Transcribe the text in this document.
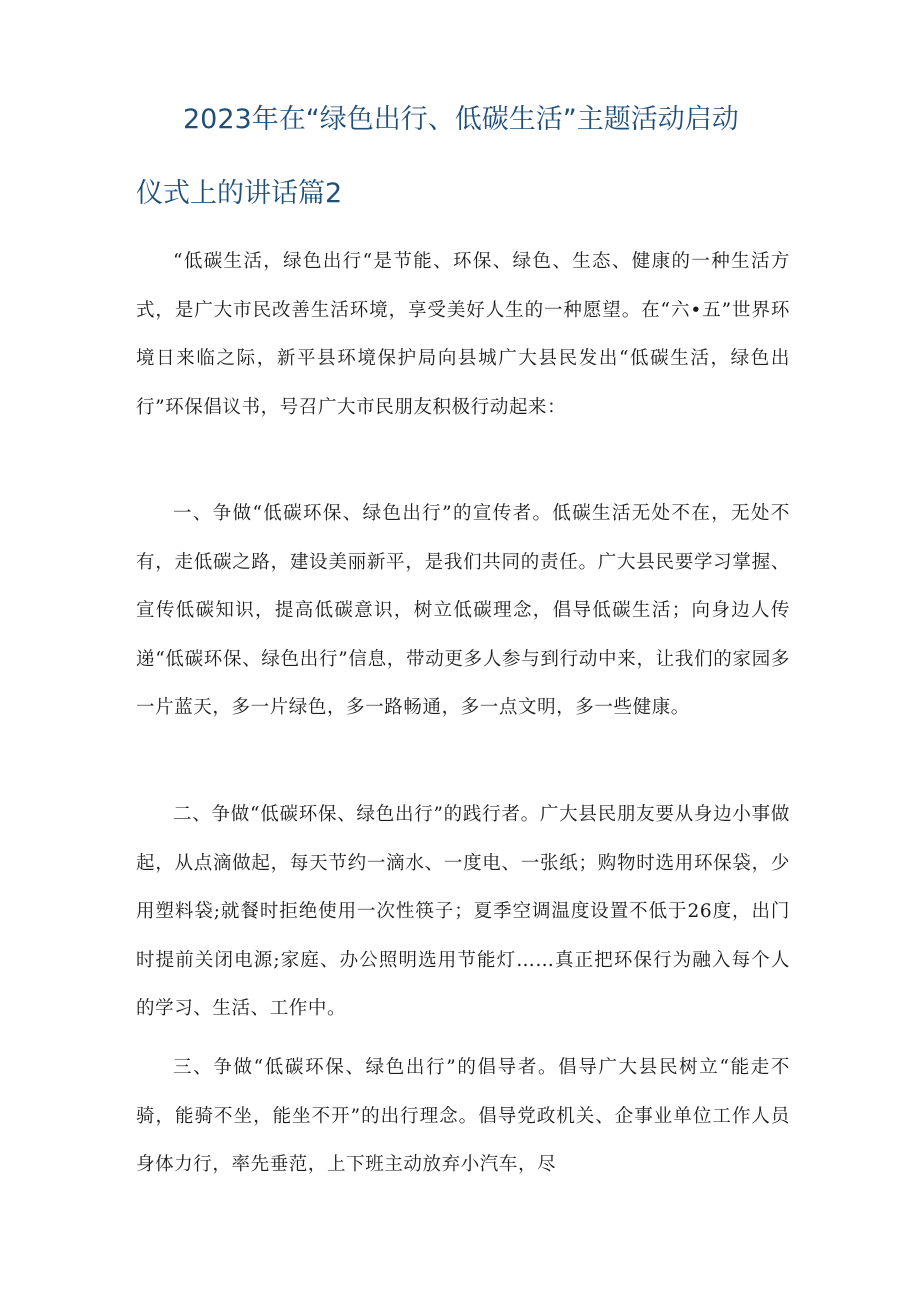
2023年在“绿色出行、低碳生活”主题活动启动
仪式上的讲话篇2

“低碳生活，绿色出行“是节能、环保、绿色、生态、健康的一种生活方式，是广大市民改善生活环境，享受美好人生的一种愿望。在“六•五”世界环境日来临之际，新平县环境保护局向县城广大县民发出“低碳生活，绿色出行”环保倡议书，号召广大市民朋友积极行动起来：

一、争做“低碳环保、绿色出行”的宣传者。低碳生活无处不在，无处不有，走低碳之路，建设美丽新平，是我们共同的责任。广大县民要学习掌握、宣传低碳知识，提高低碳意识，树立低碳理念，倡导低碳生活；向身边人传递“低碳环保、绿色出行”信息，带动更多人参与到行动中来，让我们的家园多一片蓝天，多一片绿色，多一路畅通，多一点文明，多一些健康。

二、争做“低碳环保、绿色出行”的践行者。广大县民朋友要从身边小事做起，从点滴做起，每天节约一滴水、一度电、一张纸；购物时选用环保袋，少用塑料袋;就餐时拒绝使用一次性筷子；夏季空调温度设置不低于26度，出门时提前关闭电源;家庭、办公照明选用节能灯……真正把环保行为融入每个人的学习、生活、工作中。

三、争做“低碳环保、绿色出行”的倡导者。倡导广大县民树立“能走不骑，能骑不坐，能坐不开”的出行理念。倡导党政机关、企事业单位工作人员身体力行，率先垂范，上下班主动放弃小汽车，尽
